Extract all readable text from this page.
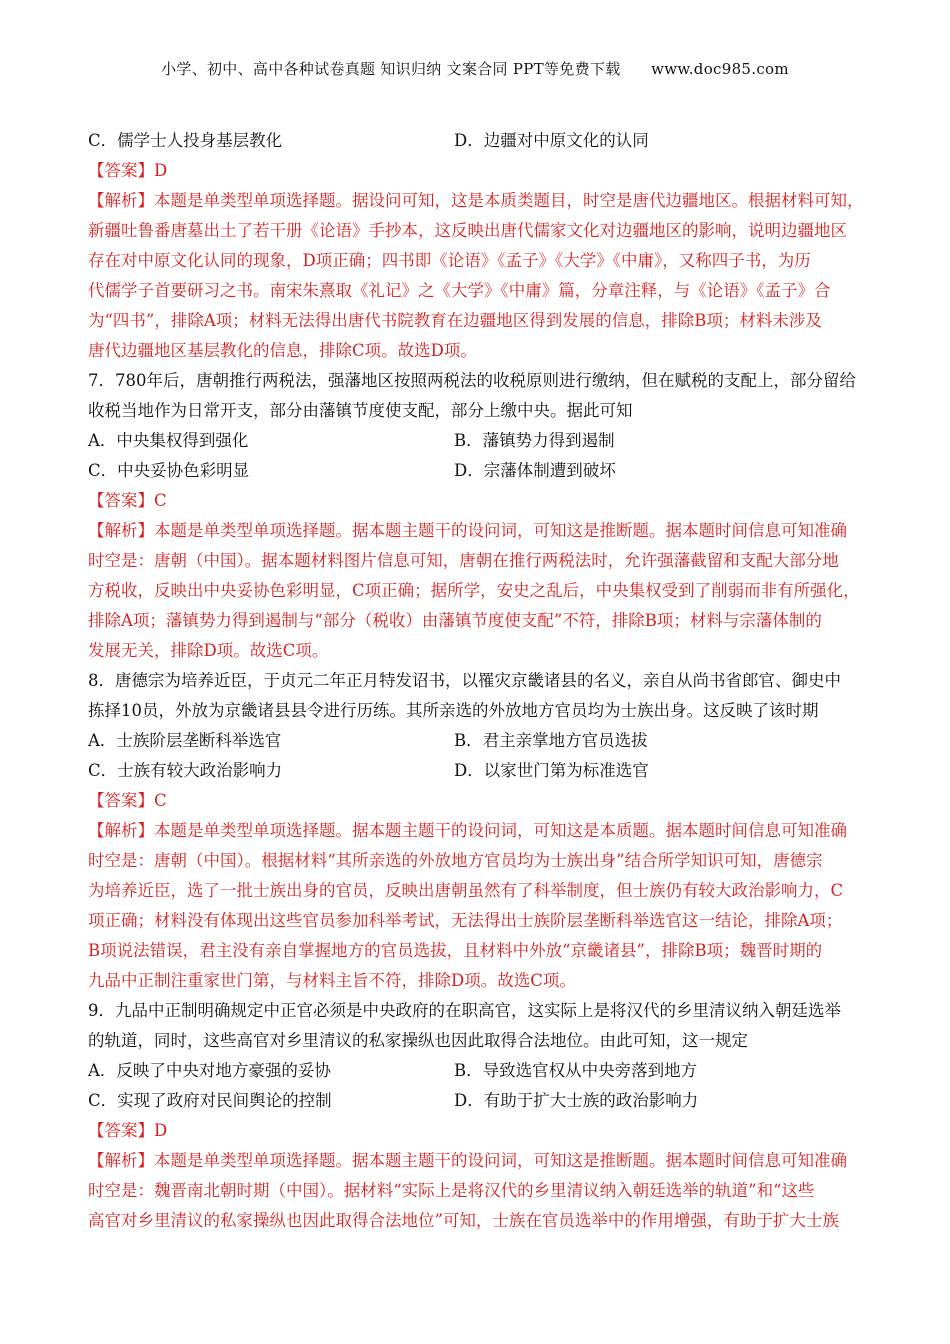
小学、初中、高中各种试卷真题 知识归纳 文案合同 PPT等免费下载　　www.doc985.com
C．儒学士人投身基层教化	D．边疆对中原文化的认同
【答案】D
【解析】本题是单类型单项选择题。据设问可知，这是本质类题目，时空是唐代边疆地区。根据材料可知，
新疆吐鲁番唐墓出土了若干册《论语》手抄本，这反映出唐代儒家文化对边疆地区的影响，说明边疆地区
存在对中原文化认同的现象，D项正确；四书即《论语》《孟子》《大学》《中庸》，又称四子书，为历
代儒学子首要研习之书。南宋朱熹取《礼记》之《大学》《中庸》篇，分章注释，与《论语》《孟子》合
为“四书”，排除A项；材料无法得出唐代书院教育在边疆地区得到发展的信息，排除B项；材料未涉及
唐代边疆地区基层教化的信息，排除C项。故选D项。
7．780年后，唐朝推行两税法，强藩地区按照两税法的收税原则进行缴纳，但在赋税的支配上，部分留给
收税当地作为日常开支，部分由藩镇节度使支配，部分上缴中央。据此可知
A．中央集权得到强化	B．藩镇势力得到遏制
C．中央妥协色彩明显	D．宗藩体制遭到破坏
【答案】C
【解析】本题是单类型单项选择题。据本题主题干的设问词，可知这是推断题。据本题时间信息可知准确
时空是：唐朝（中国）。据本题材料图片信息可知，唐朝在推行两税法时，允许强藩截留和支配大部分地
方税收，反映出中央妥协色彩明显，C项正确；据所学，安史之乱后，中央集权受到了削弱而非有所强化，
排除A项；藩镇势力得到遏制与“部分（税收）由藩镇节度使支配”不符，排除B项；材料与宗藩体制的
发展无关，排除D项。故选C项。
8．唐德宗为培养近臣，于贞元二年正月特发诏书，以罹灾京畿诸县的名义，亲自从尚书省郎官、御史中
拣择10员，外放为京畿诸县县令进行历练。其所亲选的外放地方官员均为士族出身。这反映了该时期
A．士族阶层垄断科举选官	B．君主亲掌地方官员选拔
C．士族有较大政治影响力	D．以家世门第为标准选官
【答案】C
【解析】本题是单类型单项选择题。据本题主题干的设问词，可知这是本质题。据本题时间信息可知准确
时空是：唐朝（中国）。根据材料“其所亲选的外放地方官员均为士族出身”结合所学知识可知，唐德宗
为培养近臣，选了一批士族出身的官员，反映出唐朝虽然有了科举制度，但士族仍有较大政治影响力，C
项正确；材料没有体现出这些官员参加科举考试，无法得出士族阶层垄断科举选官这一结论，排除A项；
B项说法错误，君主没有亲自掌握地方的官员选拔，且材料中外放“京畿诸县”，排除B项；魏晋时期的
九品中正制注重家世门第，与材料主旨不符，排除D项。故选C项。
9．九品中正制明确规定中正官必须是中央政府的在职高官，这实际上是将汉代的乡里清议纳入朝廷选举
的轨道，同时，这些高官对乡里清议的私家操纵也因此取得合法地位。由此可知，这一规定
A．反映了中央对地方豪强的妥协	B．导致选官权从中央旁落到地方
C．实现了政府对民间舆论的控制	D．有助于扩大士族的政治影响力
【答案】D
【解析】本题是单类型单项选择题。据本题主题干的设问词，可知这是推断题。据本题时间信息可知准确
时空是：魏晋南北朝时期（中国）。据材料“实际上是将汉代的乡里清议纳入朝廷选举的轨道”和“这些
高官对乡里清议的私家操纵也因此取得合法地位”可知，士族在官员选举中的作用增强，有助于扩大士族
